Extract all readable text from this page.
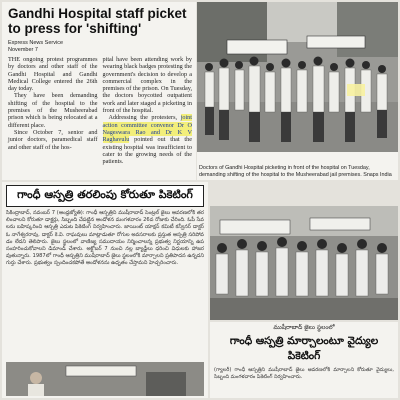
Gandhi Hospital staff picket to press for 'shifting'
Express News Service
November 7

THE ongoing protest programmes by doctors and other staff of the Gandhi Hospital and Gandhi Medical College entered the 26th day today.

They have been demanding shifting of the hospital to the premises of the Musheerabad prison which is being relocated at a different place.

Since October 7, senior and junior doctors, paramedical staff and other staff of the hos-

pital have been attending work by wearing black badges protesting the government's decision to develop a commercial complex in the premises of the prison. On Tuesday, the doctors boycotted outpatient work and later staged a picketing in front of the hospital.

Addressing the protesters, joint action committee convenor Dr O Nageswara Rao and Dr K V Raghavulu pointed out that the existing hospital was insufficient to cater to the growing needs of the patients.

Doctors of Gandhi Hospital picketing in front of the hospital on Tuesday, demanding shifting of the hospital to the Musheerabad jail premises. Snaps India
గాంధీ ఆస్పత్రి తరలింపు కోరుతూ పికెటింగ్
సికింద్రాబాద్, నవంబర్ 7 (ఆంధ్రజ్యోతి): గాంధీ ఆస్పత్రిని ముషీరాబాద్ సెంట్రల్ జైలు ఆవరణలోకి తరలించాలని కోరుతూ డాక్టర్లు, సిబ్బంది చేపట్టిన ఆందోళన మంగళవారం 26వ రోజుకు చేరింది. ఓపీ సేవలను బహిష్కరించి ఆస్పత్రి ఎదుట పికెటింగ్ నిర్వహించారు. జాయింట్ యాక్షన్ కమిటీ కన్వీనర్ డాక్టర్ ఓ నాగేశ్వరరావు, డాక్టర్ కె.వి. రాఘవులు మాట్లాడుతూ రోగుల అవసరాలకు ప్రస్తుత ఆస్పత్రి సరిపోవడం లేదని తెలిపారు. జైలు స్థలంలో వాణిజ్య సముదాయం నిర్మించాలన్న ప్రభుత్వ నిర్ణయాన్ని ఉపసంహరించుకోవాలని డిమాండ్ చేశారు. అక్టోబర్ 7 నుంచి నల్ల బ్యాడ్జీలు ధరించి విధులకు హాజరవుతున్నారు. 1987లో గాంధీ ఆస్పత్రిని ముషీరాబాద్ జైలు స్థలంలోకి మార్చాలని ప్రతిపాదన ఉన్నదని గుర్తు చేశారు. ప్రభుత్వం స్పందించకపోతే ఆందోళనను ఉధృతం చేస్తామని హెచ్చరించారు.
ముషీరాబాద్ జైలు స్థలంలో
గాంధీ ఆస్పత్రి మార్చాలంటూ వైద్యుల పికెటింగ్
(గ్యాలరీ) గాంధీ ఆస్పత్రిని ముషీరాబాద్ జైలు ఆవరణలోకి మార్చాలని కోరుతూ వైద్యులు, సిబ్బంది మంగళవారం పికెటింగ్ నిర్వహించారు.
